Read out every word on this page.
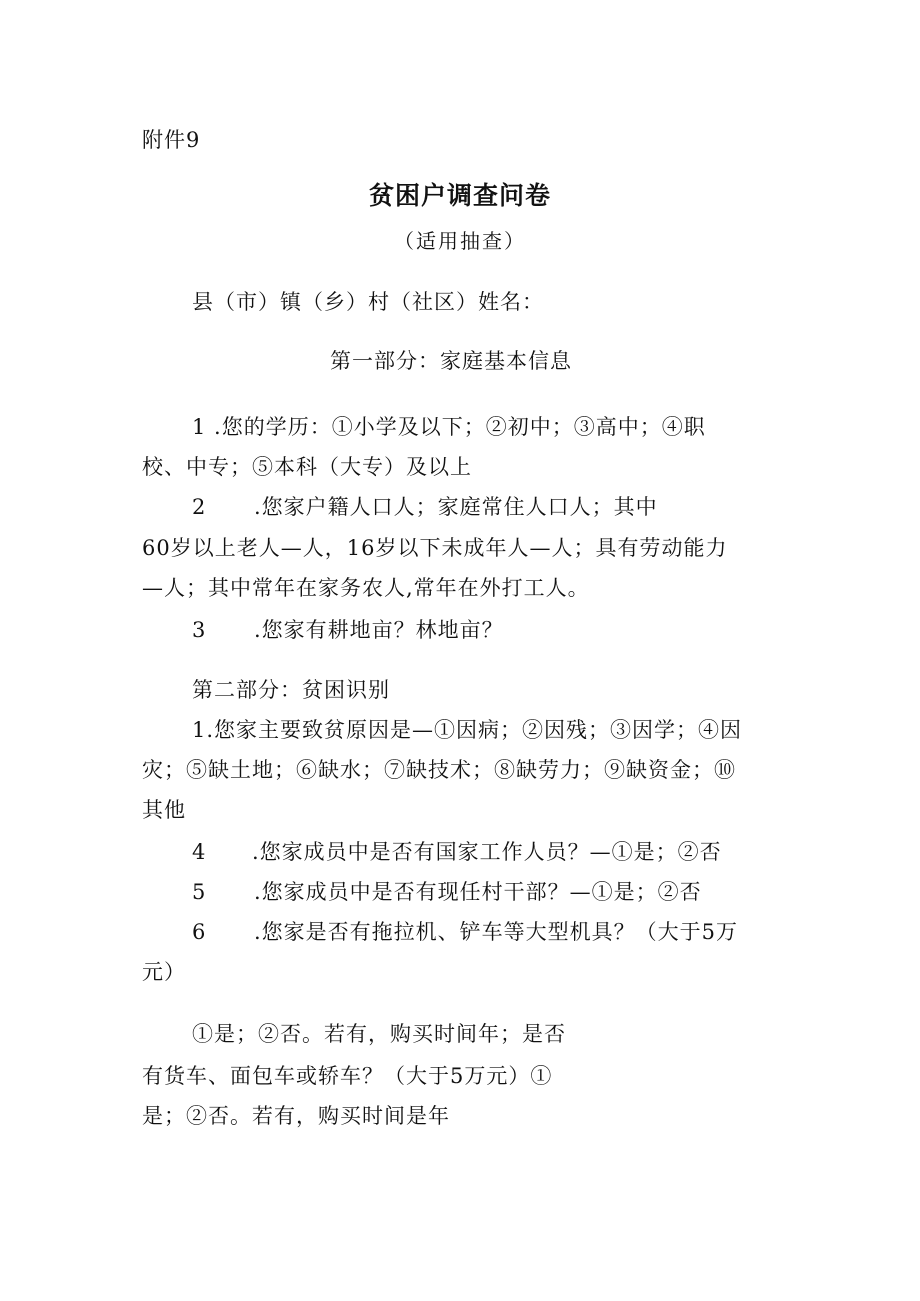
附件9
贫困户调查问卷
（适用抽查）
县（市）镇（乡）村（社区）姓名：
第一部分：家庭基本信息
1 .您的学历：①小学及以下；②初中；③高中；④职
校、中专；⑤本科（大专）及以上
2 .您家户籍人口人；家庭常住人口人；其中
60岁以上老人—人，16岁以下未成年人—人；具有劳动能力
—人；其中常年在家务农人,常年在外打工人。
3 .您家有耕地亩？林地亩？
第二部分：贫困识别
1.您家主要致贫原因是—①因病；②因残；③因学；④因
灾；⑤缺土地；⑥缺水；⑦缺技术；⑧缺劳力；⑨缺资金；⑩
其他
4 .您家成员中是否有国家工作人员？—①是；②否
5 .您家成员中是否有现任村干部？—①是；②否
6 .您家是否有拖拉机、铲车等大型机具？（大于5万
元）
①是；②否。若有，购买时间年；是否
有货车、面包车或轿车？（大于5万元）①
是；②否。若有，购买时间是年
